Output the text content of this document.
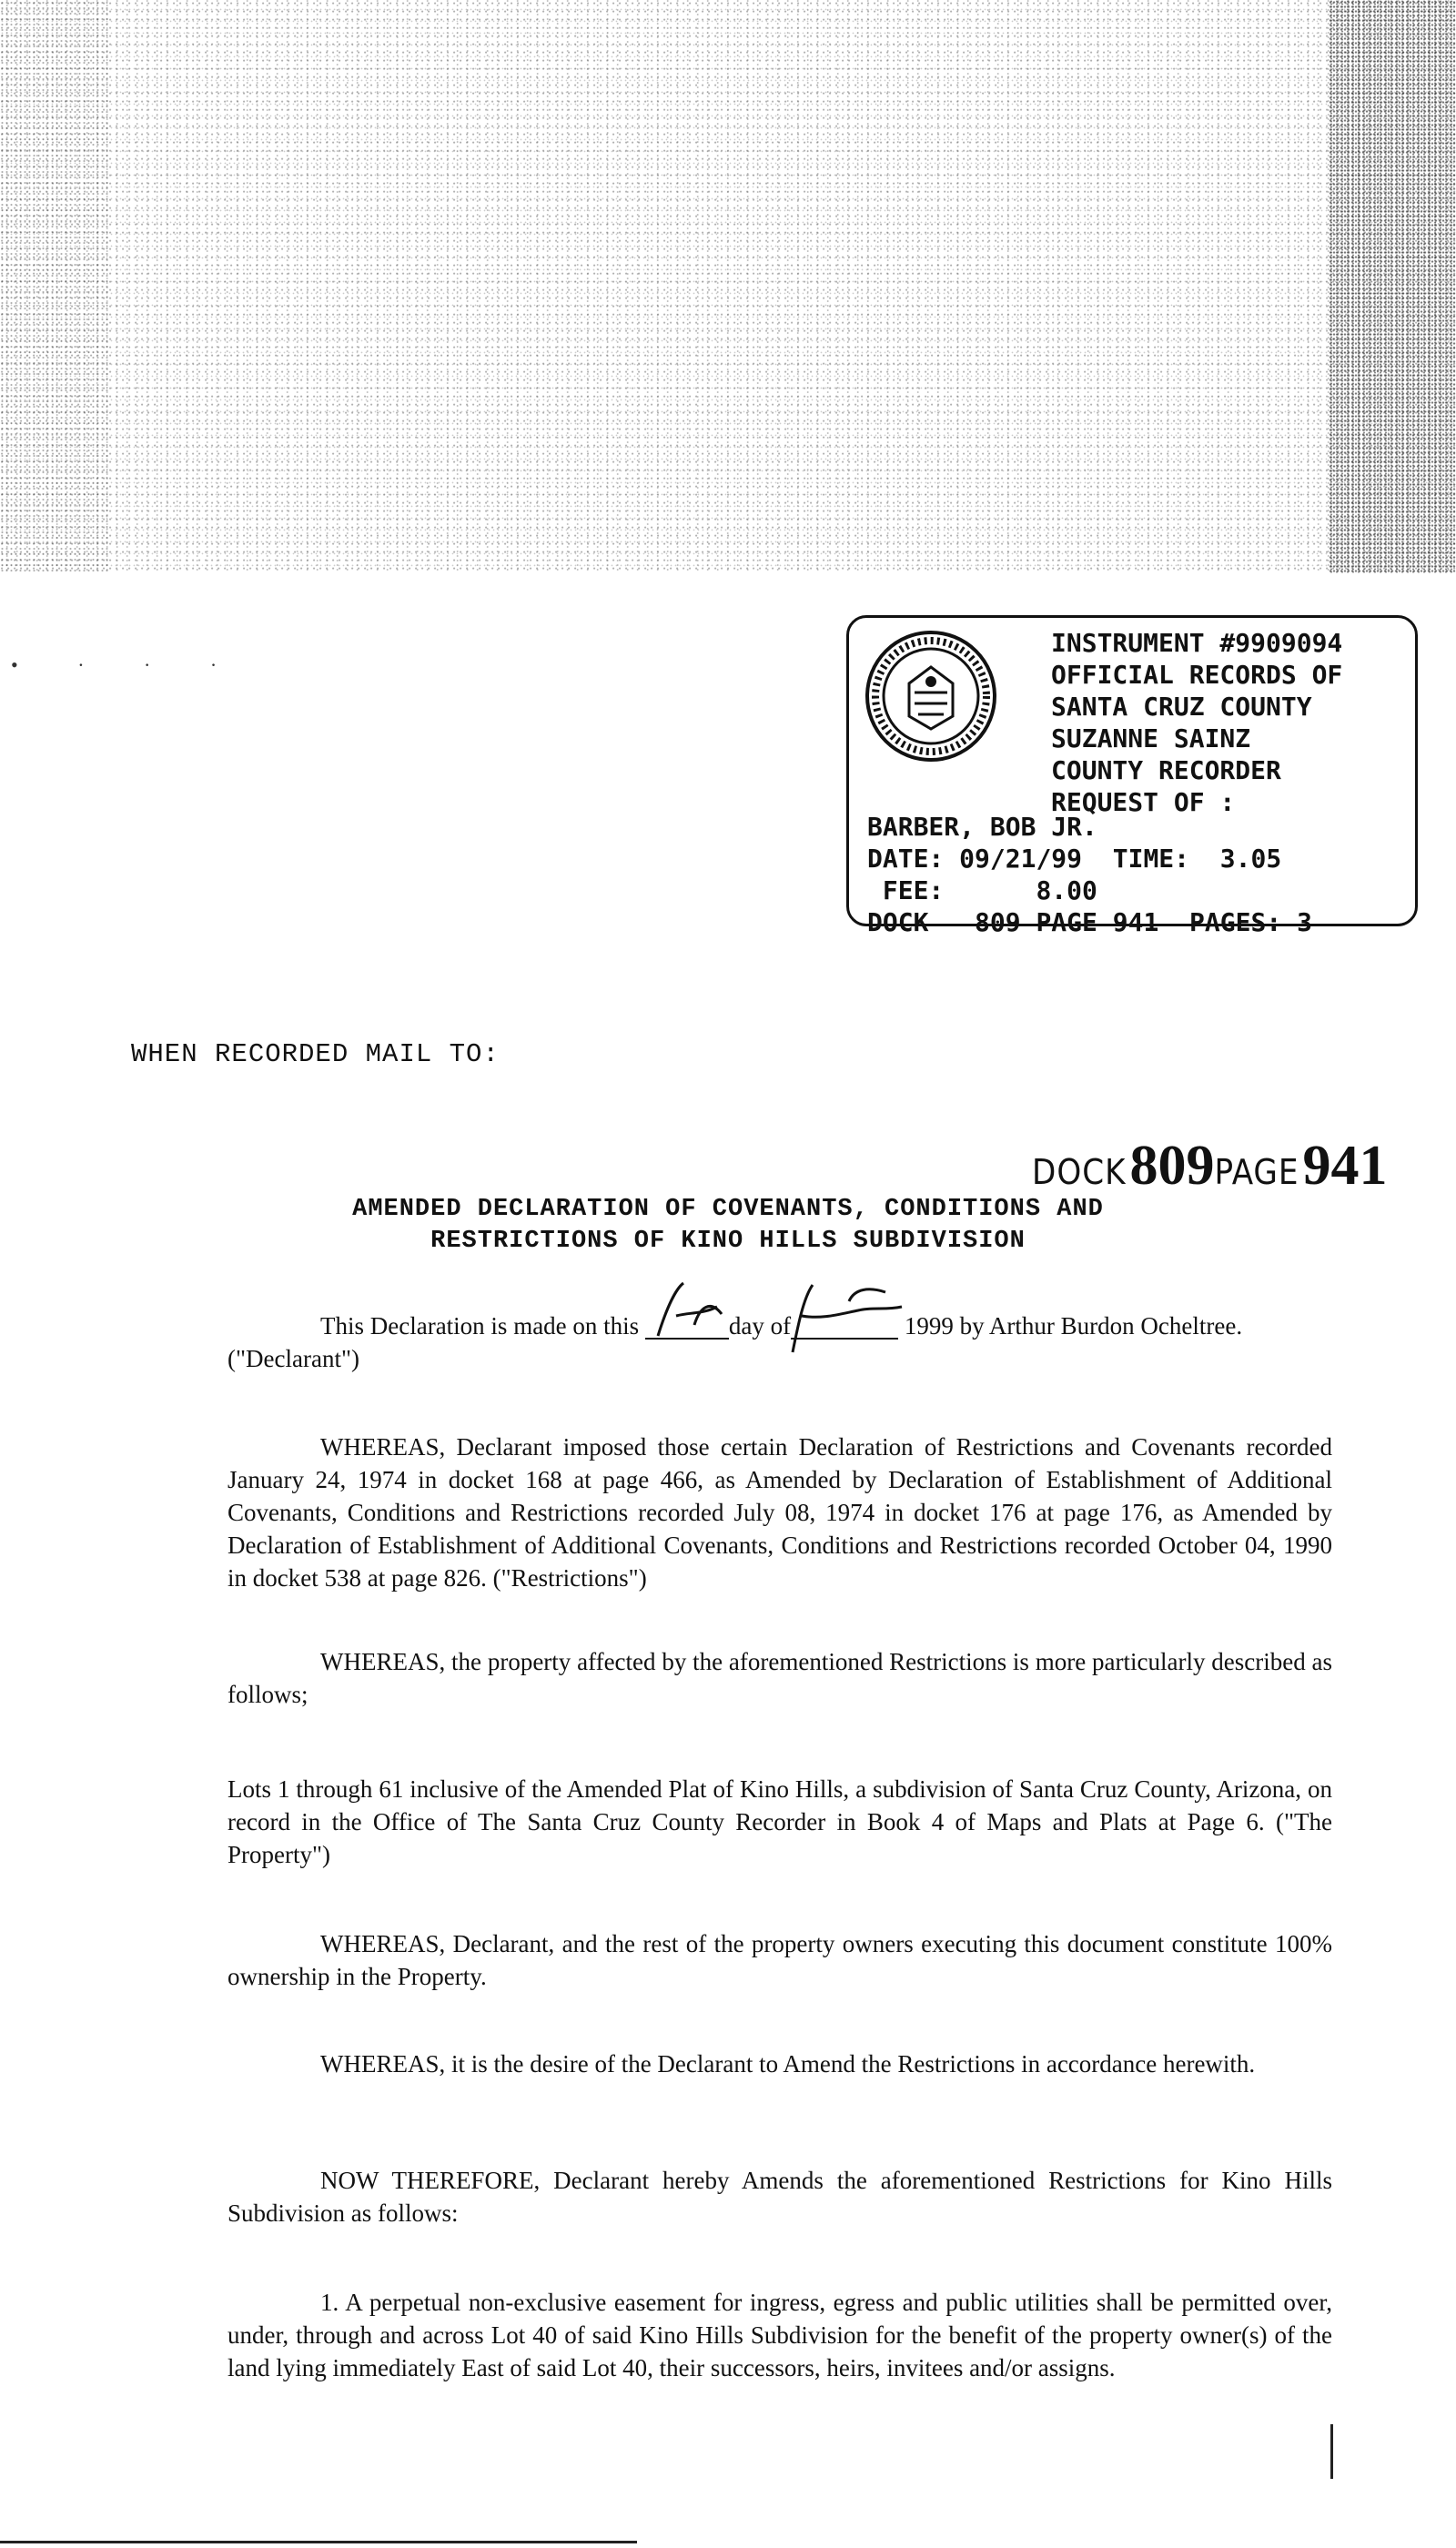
• · · ·
INSTRUMENT #9909094
OFFICIAL RECORDS OF
SANTA CRUZ COUNTY
SUZANNE SAINZ
COUNTY RECORDER
REQUEST OF :
BARBER, BOB JR.
DATE: 09/21/99 TIME: 3.05
FEE:	8.00
DOCK 809 PAGE 941 PAGES: 3
WHEN RECORDED MAIL TO:
DOCK 809PAGE 941
AMENDED DECLARATION OF COVENANTS, CONDITIONS AND
RESTRICTIONS OF KINO HILLS SUBDIVISION
This Declaration is made on this	day of	1999 by Arthur Burdon Ocheltree.
("Declarant")
WHEREAS, Declarant imposed those certain Declaration of Restrictions and Covenants recorded January 24, 1974 in docket 168 at page 466, as Amended by Declaration of Establishment of Additional Covenants, Conditions and Restrictions recorded July 08, 1974 in docket 176 at page 176, as Amended by Declaration of Establishment of Additional Covenants, Conditions and Restrictions recorded October 04, 1990 in docket 538 at page 826. ("Restrictions")
WHEREAS, the property affected by the aforementioned Restrictions is more particularly described as follows;
Lots 1 through 61 inclusive of the Amended Plat of Kino Hills, a subdivision of Santa Cruz County, Arizona, on record in the Office of The Santa Cruz County Recorder in Book 4 of Maps and Plats at Page 6. ("The Property")
WHEREAS, Declarant, and the rest of the property owners executing this document constitute 100% ownership in the Property.
WHEREAS, it is the desire of the Declarant to Amend the Restrictions in accordance herewith.
NOW THEREFORE, Declarant hereby Amends the aforementioned Restrictions for Kino Hills Subdivision as follows:
1. A perpetual non-exclusive easement for ingress, egress and public utilities shall be permitted over, under, through and across Lot 40 of said Kino Hills Subdivision for the benefit of the property owner(s) of the land lying immediately East of said Lot 40, their successors, heirs, invitees and/or assigns.
